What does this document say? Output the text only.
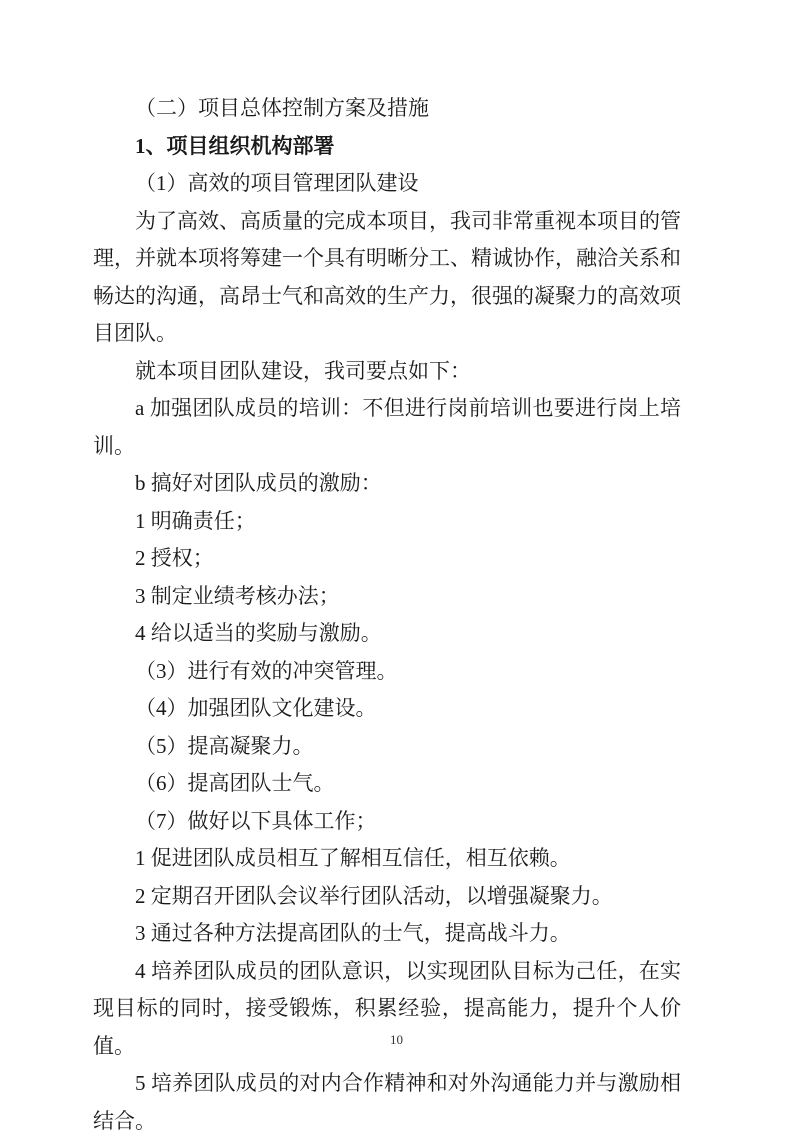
（二）项目总体控制方案及措施

1、项目组织机构部署

（1）高效的项目管理团队建设

为了高效、高质量的完成本项目，我司非常重视本项目的管理，并就本项将筹建一个具有明晰分工、精诚协作，融洽关系和畅达的沟通，高昂士气和高效的生产力，很强的凝聚力的高效项目团队。

就本项目团队建设，我司要点如下：

a 加强团队成员的培训：不但进行岗前培训也要进行岗上培训。

b 搞好对团队成员的激励：

1 明确责任；

2 授权；

3 制定业绩考核办法；

4 给以适当的奖励与激励。

（3）进行有效的冲突管理。

（4）加强团队文化建设。

（5）提高凝聚力。

（6）提高团队士气。

（7）做好以下具体工作；

1 促进团队成员相互了解相互信任，相互依赖。

2 定期召开团队会议举行团队活动，以增强凝聚力。

3 通过各种方法提高团队的士气，提高战斗力。

4 培养团队成员的团队意识，以实现团队目标为己任，在实现目标的同时，接受锻炼，积累经验，提高能力，提升个人价值。

5 培养团队成员的对内合作精神和对外沟通能力并与激励相结合。

10
